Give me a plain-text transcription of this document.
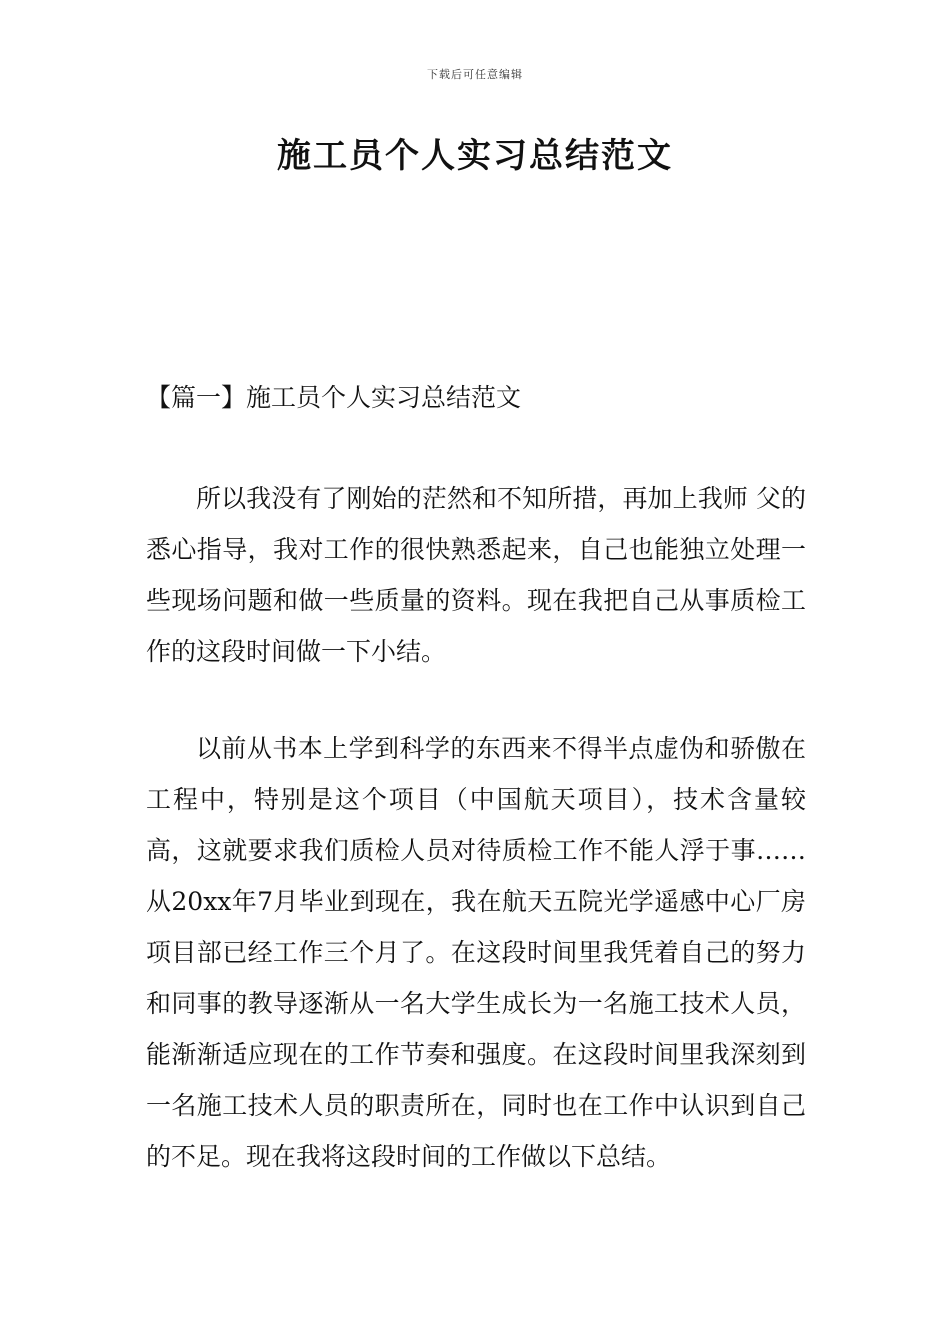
下载后可任意编辑
施工员个人实习总结范文
【篇一】施工员个人实习总结范文

所以我没有了刚始的茫然和不知所措，再加上我师 父的悉心指导，我对工作的很快熟悉起来，自己也能独立处理一些现场问题和做一些质量的资料。现在我把自己从事质检工作的这段时间做一下小结。

以前从书本上学到科学的东西来不得半点虚伪和骄傲在工程中，特别是这个项目（中国航天项目），技术含量较高，这就要求我们质检人员对待质检工作不能人浮于事……从20xx年7月毕业到现在，我在航天五院光学遥感中心厂房项目部已经工作三个月了。在这段时间里我凭着自己的努力和同事的教导逐渐从一名大学生成长为一名施工技术人员，能渐渐适应现在的工作节奏和强度。在这段时间里我深刻到一名施工技术人员的职责所在，同时也在工作中认识到自己的不足。现在我将这段时间的工作做以下总结。
